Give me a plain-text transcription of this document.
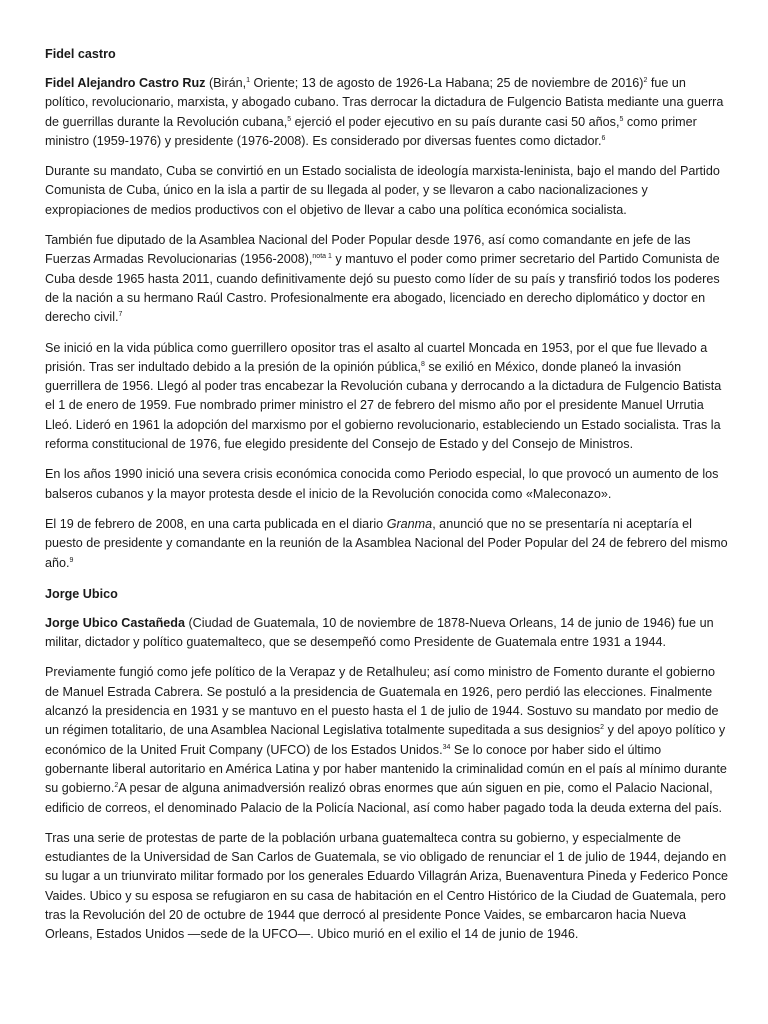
Fidel castro

Fidel Alejandro Castro Ruz (Birán,$^1$ Oriente; 13 de agosto de 1926-La Habana; 25 de noviembre de 2016)$^2$ fue un político, revolucionario, marxista, y abogado cubano. Tras derrocar la dictadura de Fulgencio Batista mediante una guerra de guerrillas durante la Revolución cubana,$^5$ ejerció el poder ejecutivo en su país durante casi 50 años,$^5$ como primer ministro (1959-1976) y presidente (1976-2008). Es considerado por diversas fuentes como dictador.$^6$

Durante su mandato, Cuba se convirtió en un Estado socialista de ideología marxista-leninista, bajo el mando del Partido Comunista de Cuba, único en la isla a partir de su llegada al poder, y se llevaron a cabo nacionalizaciones y expropiaciones de medios productivos con el objetivo de llevar a cabo una política económica socialista.

También fue diputado de la Asamblea Nacional del Poder Popular desde 1976, así como comandante en jefe de las Fuerzas Armadas Revolucionarias (1956-2008),$^{nota 1}$ y mantuvo el poder como primer secretario del Partido Comunista de Cuba desde 1965 hasta 2011, cuando definitivamente dejó su puesto como líder de su país y transfirió todos los poderes de la nación a su hermano Raúl Castro. Profesionalmente era abogado, licenciado en derecho diplomático y doctor en derecho civil.$^7$

Se inició en la vida pública como guerrillero opositor tras el asalto al cuartel Moncada en 1953, por el que fue llevado a prisión. Tras ser indultado debido a la presión de la opinión pública,$^8$ se exilió en México, donde planeó la invasión guerrillera de 1956. Llegó al poder tras encabezar la Revolución cubana y derrocando a la dictadura de Fulgencio Batista el 1 de enero de 1959. Fue nombrado primer ministro el 27 de febrero del mismo año por el presidente Manuel Urrutia Lleó. Lideró en 1961 la adopción del marxismo por el gobierno revolucionario, estableciendo un Estado socialista. Tras la reforma constitucional de 1976, fue elegido presidente del Consejo de Estado y del Consejo de Ministros.

En los años 1990 inició una severa crisis económica conocida como Periodo especial, lo que provocó un aumento de los balseros cubanos y la mayor protesta desde el inicio de la Revolución conocida como «Maleconazo».

El 19 de febrero de 2008, en una carta publicada en el diario Granma, anunció que no se presentaría ni aceptaría el puesto de presidente y comandante en la reunión de la Asamblea Nacional del Poder Popular del 24 de febrero del mismo año.$^9$

Jorge Ubico

Jorge Ubico Castañeda (Ciudad de Guatemala, 10 de noviembre de 1878-Nueva Orleans, 14 de junio de 1946) fue un militar, dictador y político guatemalteco, que se desempeñó como Presidente de Guatemala entre 1931 a 1944.

Previamente fungió como jefe político de la Verapaz y de Retalhuleu; así como ministro de Fomento durante el gobierno de Manuel Estrada Cabrera. Se postuló a la presidencia de Guatemala en 1926, pero perdió las elecciones. Finalmente alcanzó la presidencia en 1931 y se mantuvo en el puesto hasta el 1 de julio de 1944. Sostuvo su mandato por medio de un régimen totalitario, de una Asamblea Nacional Legislativa totalmente supeditada a sus designios$^2$ y del apoyo político y económico de la United Fruit Company (UFCO) de los Estados Unidos.$^{34}$ Se lo conoce por haber sido el último gobernante liberal autoritario en América Latina y por haber mantenido la criminalidad común en el país al mínimo durante su gobierno.$^2$A pesar de alguna animadversión realizó obras enormes que aún siguen en pie, como el Palacio Nacional, edificio de correos, el denominado Palacio de la Policía Nacional, así como haber pagado toda la deuda externa del país.

Tras una serie de protestas de parte de la población urbana guatemalteca contra su gobierno, y especialmente de estudiantes de la Universidad de San Carlos de Guatemala, se vio obligado de renunciar el 1 de julio de 1944, dejando en su lugar a un triunvirato militar formado por los generales Eduardo Villagrán Ariza, Buenaventura Pineda y Federico Ponce Vaides. Ubico y su esposa se refugiaron en su casa de habitación en el Centro Histórico de la Ciudad de Guatemala, pero tras la Revolución del 20 de octubre de 1944 que derrocó al presidente Ponce Vaides, se embarcaron hacia Nueva Orleans, Estados Unidos —sede de la UFCO—. Ubico murió en el exilio el 14 de junio de 1946.
